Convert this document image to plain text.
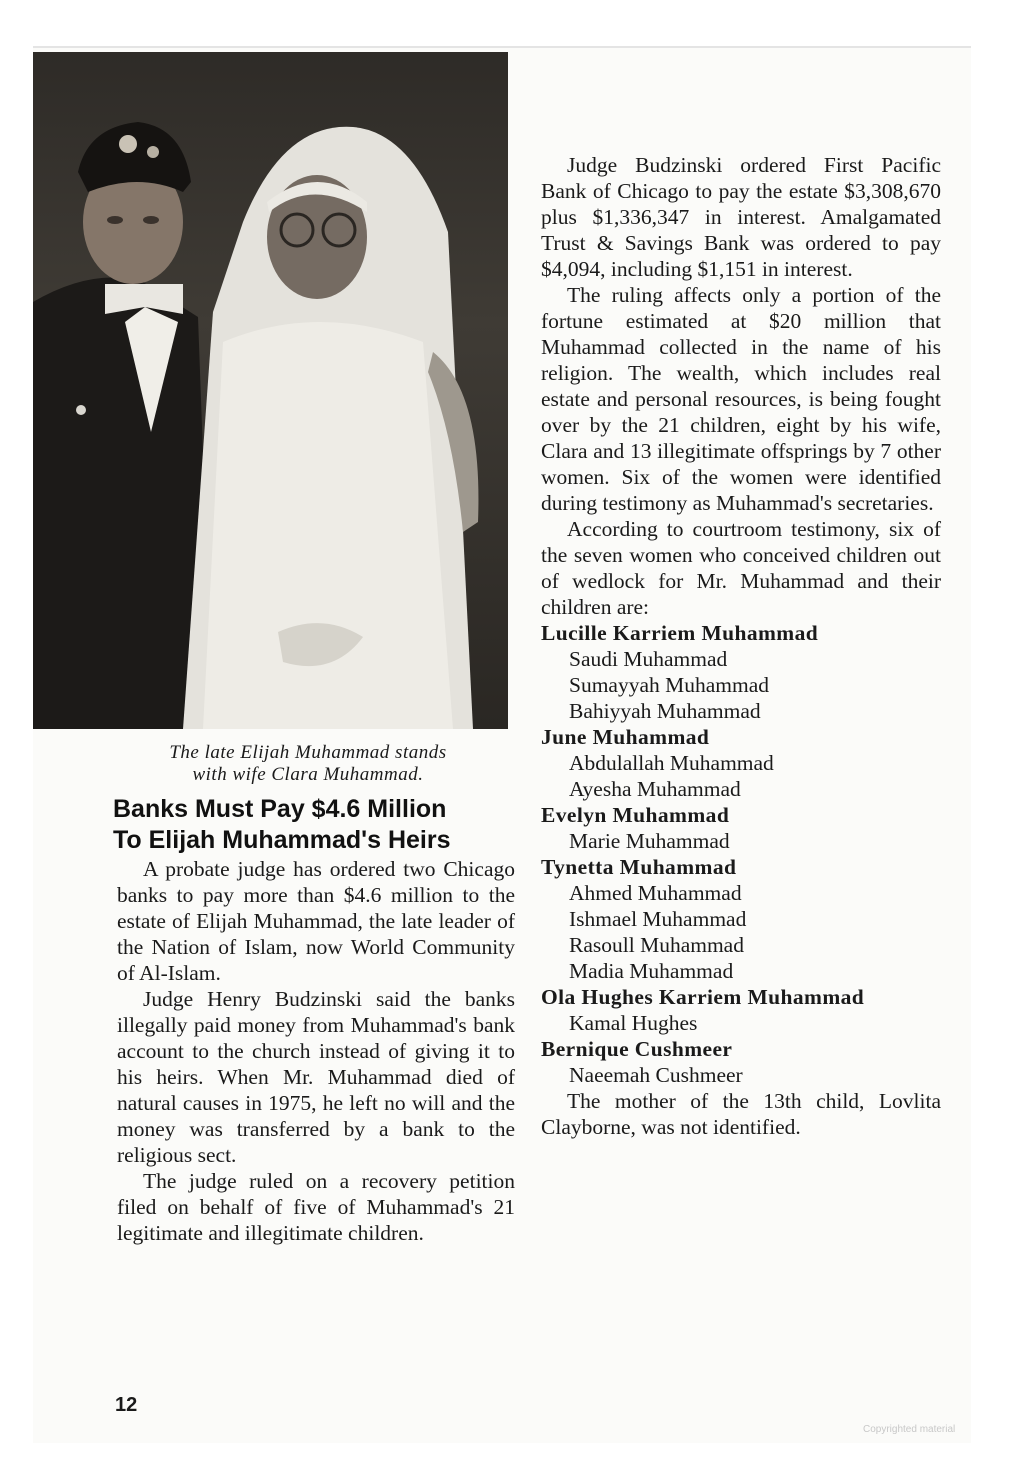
The late Elijah Muhammad stands
with wife Clara Muhammad.
Banks Must Pay $4.6 Million
To Elijah Muhammad's Heirs

A probate judge has ordered two Chicago banks to pay more than $4.6 million to the estate of Elijah Muhammad, the late leader of the Nation of Islam, now World Community of Al-Islam.

Judge Henry Budzinski said the banks illegally paid money from Muhammad's bank account to the church instead of giving it to his heirs. When Mr. Muhammad died of natural causes in 1975, he left no will and the money was transferred by a bank to the religious sect.

The judge ruled on a recovery petition filed on behalf of five of Muhammad's 21 legitimate and illegitimate children.

Judge Budzinski ordered First Pacific Bank of Chicago to pay the estate $3,308,670 plus $1,336,347 in interest. Amalgamated Trust & Savings Bank was ordered to pay $4,094, including $1,151 in interest.

The ruling affects only a portion of the fortune estimated at $20 million that Muhammad collected in the name of his religion. The wealth, which includes real estate and personal resources, is being fought over by the 21 children, eight by his wife, Clara and 13 illegitimate offsprings by 7 other women. Six of the women were identified during testimony as Muhammad's secretaries.

According to courtroom testimony, six of the seven women who conceived children out of wedlock for Mr. Muhammad and their children are:

Lucille Karriem Muhammad

Saudi Muhammad

Sumayyah Muhammad

Bahiyyah Muhammad

June Muhammad

Abdulallah Muhammad

Ayesha Muhammad

Evelyn Muhammad

Marie Muhammad

Tynetta Muhammad

Ahmed Muhammad

Ishmael Muhammad

Rasoull Muhammad

Madia Muhammad

Ola Hughes Karriem Muhammad

Kamal Hughes

Bernique Cushmeer

Naeemah Cushmeer

The mother of the 13th child, Lovlita Clayborne, was not identified.

12
Copyrighted material
